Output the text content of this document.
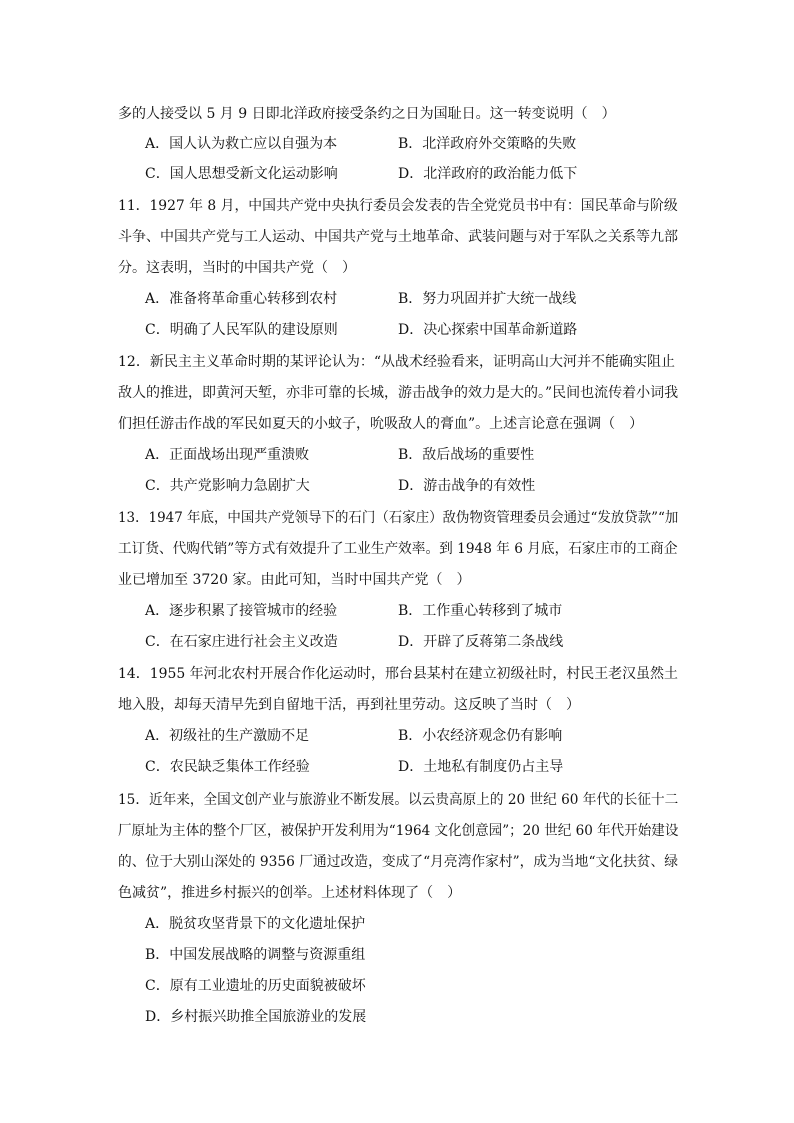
多的人接受以 5 月 9 日即北洋政府接受条约之日为国耻日。这一转变说明（　）
A．国人认为救亡应以自强为本	B．北洋政府外交策略的失败
C．国人思想受新文化运动影响	D．北洋政府的政治能力低下
11．1927 年 8 月，中国共产党中央执行委员会发表的告全党党员书中有：国民革命与阶级
斗争、中国共产党与工人运动、中国共产党与土地革命、武装问题与对于军队之关系等九部
分。这表明，当时的中国共产党（　）
A．准备将革命重心转移到农村	B．努力巩固并扩大统一战线
C．明确了人民军队的建设原则	D．决心探索中国革命新道路
12．新民主主义革命时期的某评论认为：“从战术经验看来，证明高山大河并不能确实阻止
敌人的推进，即黄河天堑，亦非可靠的长城，游击战争的效力是大的。”民间也流传着小词我
们担任游击作战的军民如夏天的小蚊子，吮吸敌人的膏血”。上述言论意在强调（　）
A．正面战场出现严重溃败	B．敌后战场的重要性
C．共产党影响力急剧扩大	D．游击战争的有效性
13．1947 年底，中国共产党领导下的石门（石家庄）敌伪物资管理委员会通过“发放贷款”“加
工订货、代购代销”等方式有效提升了工业生产效率。到 1948 年 6 月底，石家庄市的工商企
业已增加至 3720 家。由此可知，当时中国共产党（　）
A．逐步积累了接管城市的经验	B．工作重心转移到了城市
C．在石家庄进行社会主义改造	D．开辟了反蒋第二条战线
14．1955 年河北农村开展合作化运动时，邢台县某村在建立初级社时，村民王老汉虽然土
地入股，却每天清早先到自留地干活，再到社里劳动。这反映了当时（　）
A．初级社的生产激励不足	B．小农经济观念仍有影响
C．农民缺乏集体工作经验	D．土地私有制度仍占主导
15．近年来，全国文创产业与旅游业不断发展。以云贵高原上的 20 世纪 60 年代的长征十二
厂原址为主体的整个厂区，被保护开发利用为“1964 文化创意园”；20 世纪 60 年代开始建设
的、位于大别山深处的 9356 厂通过改造，变成了“月亮湾作家村”，成为当地“文化扶贫、绿
色减贫”，推进乡村振兴的创举。上述材料体现了（　）
A．脱贫攻坚背景下的文化遗址保护
B．中国发展战略的调整与资源重组
C．原有工业遗址的历史面貌被破坏
D．乡村振兴助推全国旅游业的发展
